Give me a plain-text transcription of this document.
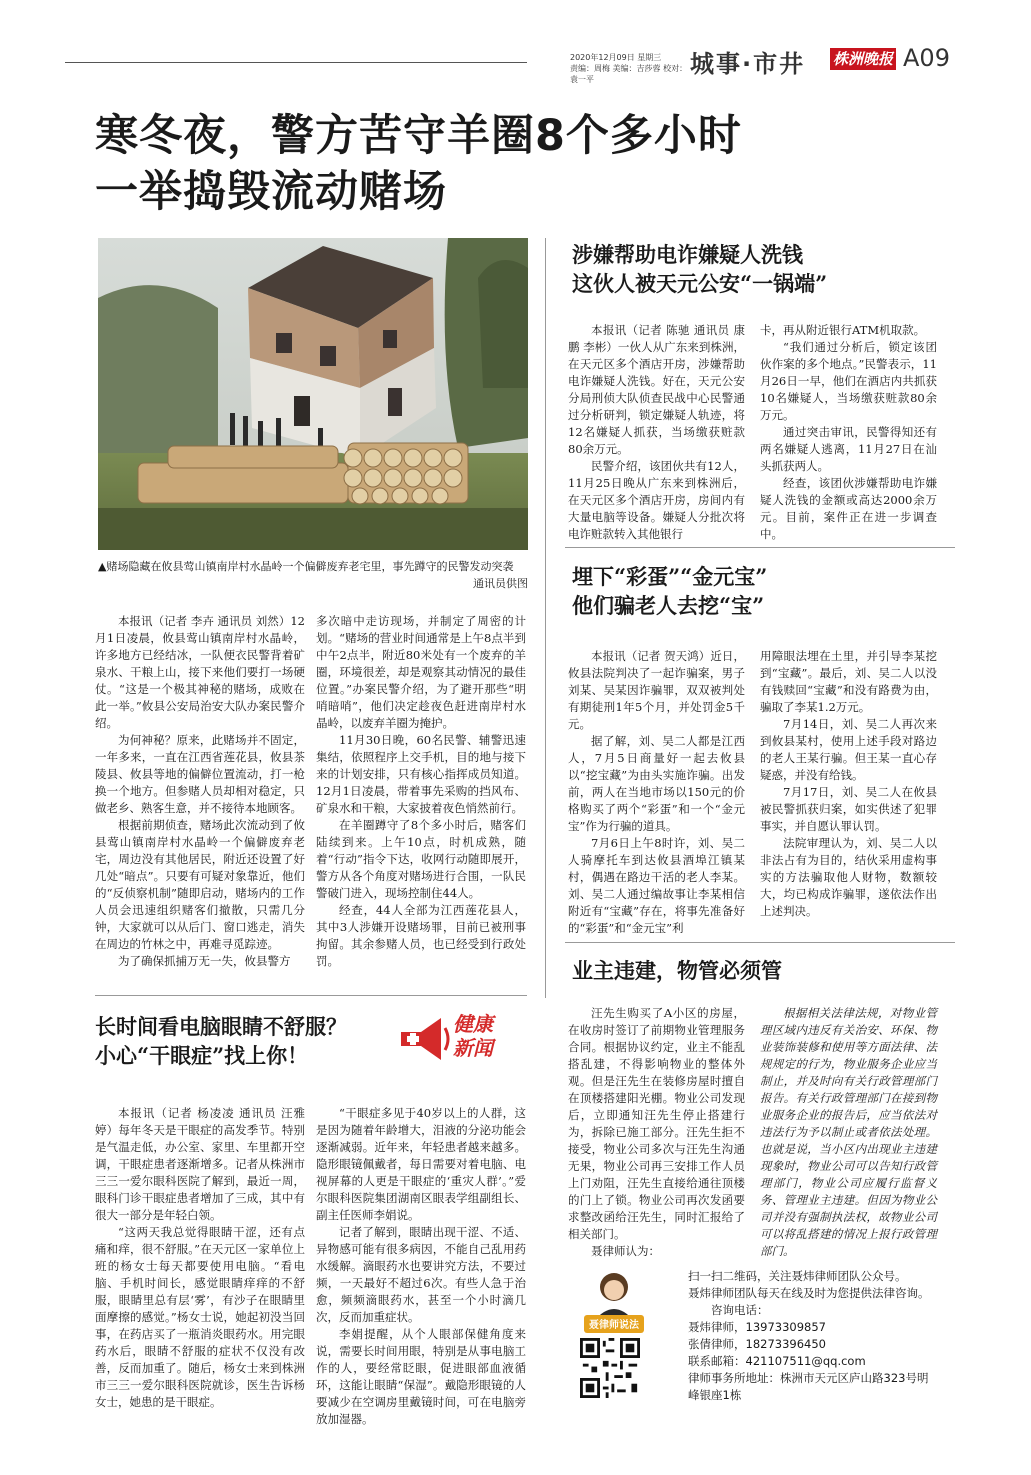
2020年12月09日 星期三
责编：周梅 美编：吉莎蓉 校对：袁一平
城事·市井 株洲晚报 A09
寒冬夜，警方苦守羊圈8个多小时
一举捣毁流动赌场
▲赌场隐藏在攸县莺山镇南岸村水晶岭一个偏僻废弃老宅里，事先蹲守的民警发动突袭
通讯员供图

本报讯（记者 李卉 通讯员 刘然）12月1日凌晨，攸县莺山镇南岸村水晶岭，许多地方已经结冰，一队便衣民警背着矿泉水、干粮上山，接下来他们要打一场硬仗。“这是一个极其神秘的赌场，成败在此一举。”攸县公安局治安大队办案民警介绍。

为何神秘？原来，此赌场并不固定，一年多来，一直在江西省莲花县，攸县茶陵县、攸县等地的偏僻位置流动，打一枪换一个地方。但参赌人员却相对稳定，只做老乡、熟客生意，并不接待本地顾客。

根据前期侦查，赌场此次流动到了攸县莺山镇南岸村水晶岭一个偏僻废弃老宅，周边没有其他居民，附近还设置了好几处“暗点”。只要有可疑对象靠近，他们的“反侦察机制”随即启动，赌场内的工作人员会迅速组织赌客们撤散，只需几分钟，大家就可以从后门、窗口逃走，消失在周边的竹林之中，再难寻觅踪迹。

为了确保抓捕万无一失，攸县警方

多次暗中走访现场，并制定了周密的计划。“赌场的营业时间通常是上午8点半到中午2点半，附近80米处有一个废弃的羊圈，环境很差，却是观察其动情况的最佳位置。”办案民警介绍，为了避开那些“明哨暗哨”，他们决定趁夜色赶进南岸村水晶岭，以废弃羊圈为掩护。

11月30日晚，60名民警、辅警迅速集结，依照程序上交手机，目的地与接下来的计划安排，只有核心指挥成员知道。12月1日凌晨，带着事先采购的挡风布、矿泉水和干粮，大家披着夜色悄然前行。

在羊圈蹲守了8个多小时后，赌客们陆续到来。上午10点，时机成熟，随着“行动”指令下达，收网行动随即展开，警方从各个角度对赌场进行合围，一队民警破门进入，现场控制住44人。

经查，44人全部为江西莲花县人，其中3人涉嫌开设赌场罪，目前已被刑事拘留。其余参赌人员，也已经受到行政处罚。

涉嫌帮助电诈嫌疑人洗钱
这伙人被天元公安“一锅端”

本报讯（记者 陈驰 通讯员 康鹏 李彬）一伙人从广东来到株洲，在天元区多个酒店开房，涉嫌帮助电诈嫌疑人洗钱。好在，天元公安分局刑侦大队侦查民战中心民警通过分析研判，锁定嫌疑人轨迹，将12名嫌疑人抓获，当场缴获赃款80余万元。

民警介绍，该团伙共有12人，11月25日晚从广东来到株洲后，在天元区多个酒店开房，房间内有大量电脑等设备。嫌疑人分批次将电诈赃款转入其他银行

卡，再从附近银行ATM机取款。

“我们通过分析后，锁定该团伙作案的多个地点。”民警表示，11月26日一早，他们在酒店内共抓获10名嫌疑人，当场缴获赃款80余万元。

通过突击审讯，民警得知还有两名嫌疑人逃离，11月27日在汕头抓获两人。

经查，该团伙涉嫌帮助电诈嫌疑人洗钱的金额或高达2000余万元。目前，案件正在进一步调查中。

埋下“彩蛋”“金元宝”
他们骗老人去挖“宝”

本报讯（记者 贺天鸿）近日，攸县法院判决了一起诈骗案，男子刘某、吴某因诈骗罪，双双被判处有期徒刑1年5个月，并处罚金5千元。

据了解，刘、吴二人都是江西人，7月5日商量好一起去攸县以“挖宝藏”为由头实施诈骗。出发前，两人在当地市场以150元的价格购买了两个“彩蛋”和一个“金元宝”作为行骗的道具。

7月6日上午8时许，刘、吴二人骑摩托车到达攸县酒埠江镇某村，偶遇在路边干活的老人李某。刘、吴二人通过编故事让李某相信附近有“宝藏”存在，将事先准备好的“彩蛋”和“金元宝”利

用障眼法埋在土里，并引导李某挖到“宝藏”。最后，刘、吴二人以没有钱赎回“宝藏”和没有路费为由，骗取了李某1.2万元。

7月14日，刘、吴二人再次来到攸县某村，使用上述手段对路边的老人王某行骗。但王某一直心存疑惑，并没有给钱。

7月17日，刘、吴二人在攸县被民警抓获归案，如实供述了犯罪事实，并自愿认罪认罚。

法院审理认为，刘、吴二人以非法占有为目的，结伙采用虚构事实的方法骗取他人财物，数额较大，均已构成诈骗罪，遂依法作出上述判决。

业主违建，物管必须管

汪先生购买了A小区的房屋，在收房时签订了前期物业管理服务合同。根据协议约定，业主不能乱搭乱建，不得影响物业的整体外观。但是汪先生在装修房屋时擅自在顶楼搭建阳光棚。物业公司发现后，立即通知汪先生停止搭建行为，拆除已施工部分。汪先生拒不接受，物业公司多次与汪先生沟通无果，物业公司再三安排工作人员上门劝阻，汪先生直接给通往顶楼的门上了锁。物业公司再次发函要求整改函给汪先生，同时汇报给了相关部门。

聂律师认为：

根据相关法律法规，对物业管理区域内违反有关治安、环保、物业装饰装修和使用等方面法律、法规规定的行为，物业服务企业应当制止，并及时向有关行政管理部门报告。有关行政管理部门在接到物业服务企业的报告后，应当依法对违法行为予以制止或者依法处理。也就是说，当小区内出现业主违建现象时，物业公司可以告知行政管理部门，物业公司应履行监督义务、管理业主违建。但因为物业公司并没有强制执法权，故物业公司可以将乱搭建的情况上报行政管理部门。

聂律师说法
扫一扫二维码，关注聂炜律师团队公众号。
聂炜律师团队每天在线及时为您提供法律咨询。
咨询电话：
聂炜律师，13973309857
张倩律师，18273396450
联系邮箱：421107511@qq.com
律师事务所地址：株洲市天元区庐山路323号明峰银座1栋
长时间看电脑眼睛不舒服？
小心“干眼症”找上你！
健康
新闻

本报讯（记者 杨凌凌 通讯员 汪雅婷）每年冬天是干眼症的高发季节。特别是气温走低，办公室、家里、车里都开空调，干眼症患者逐渐增多。记者从株洲市三三一爱尔眼科医院了解到，最近一周，眼科门诊干眼症患者增加了三成，其中有很大一部分是年轻白领。

“这两天我总觉得眼睛干涩，还有点痛和痒，很不舒服。”在天元区一家单位上班的杨女士每天都要使用电脑。“看电脑、手机时间长，感觉眼睛痒痒的不舒服，眼睛里总有层‘雾’，有沙子在眼睛里面摩擦的感觉。”杨女士说，她起初没当回事，在药店买了一瓶消炎眼药水。用完眼药水后，眼睛不舒服的症状不仅没有改善，反而加重了。随后，杨女士来到株洲市三三一爱尔眼科医院就诊，医生告诉杨女士，她患的是干眼症。

“干眼症多见于40岁以上的人群，这是因为随着年龄增大，泪液的分泌功能会逐渐减弱。近年来，年轻患者越来越多。隐形眼镜佩戴者，每日需要对着电脑、电视屏幕的人更是干眼症的‘重灾人群’。”爱尔眼科医院集团湖南区眼表学组副组长、副主任医师李娟说。

记者了解到，眼睛出现干涩、不适、异物感可能有很多病因，不能自己乱用药水缓解。滴眼药水也要讲究方法，不要过频，一天最好不超过6次。有些人急于治愈，频频滴眼药水，甚至一个小时滴几次，反而加重症状。

李娟提醒，从个人眼部保健角度来说，需要长时间用眼，特别是从事电脑工作的人，要经常眨眼，促进眼部血液循环，这能让眼睛“保湿”。戴隐形眼镜的人要减少在空调房里戴镜时间，可在电脑旁放加湿器。
